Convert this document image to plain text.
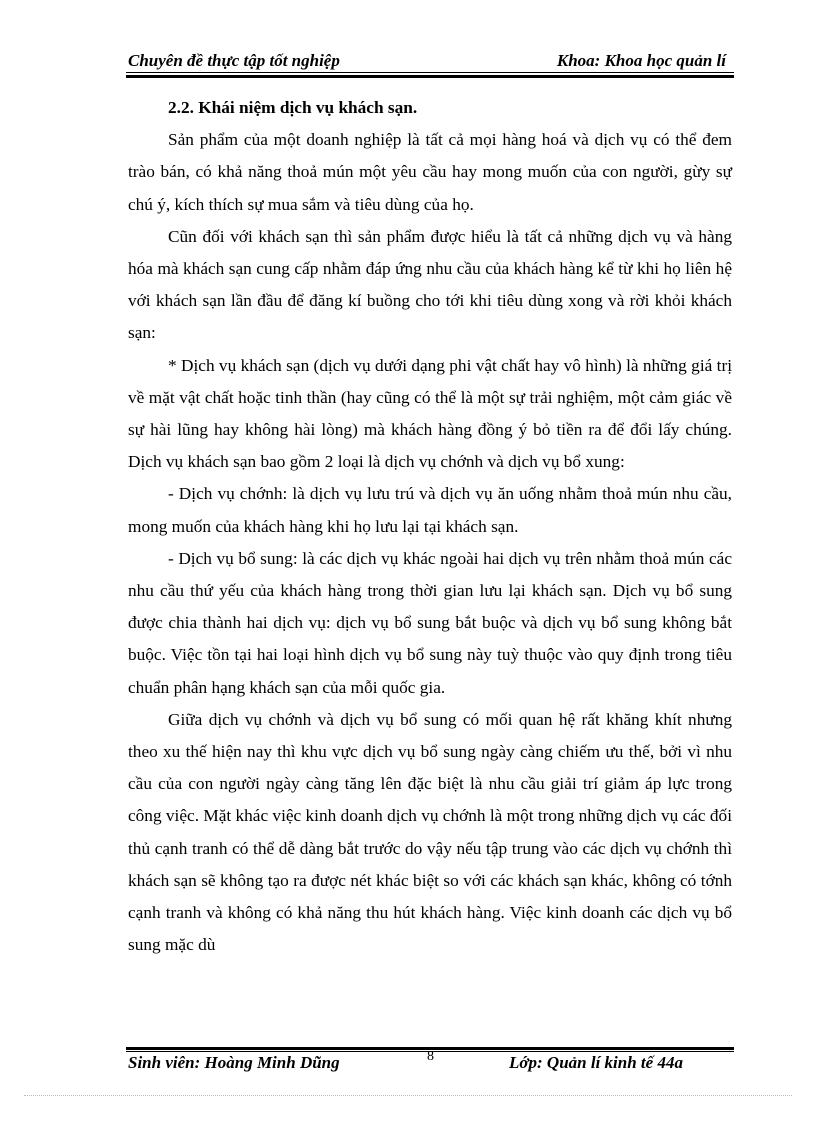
Chuyên đề thực tập tốt nghiệp	Khoa: Khoa học quản lí
2.2. Khái niệm dịch vụ khách sạn.

Sản phẩm của một doanh nghiệp là tất cả mọi hàng hoá và dịch vụ có thể đem trào bán, có khả năng thoả mún một yêu cầu hay mong muốn của con người, gừy sự chú ý, kích thích sự mua sắm và tiêu dùng của họ.

Cũn đối với khách sạn thì sản phẩm được hiểu là tất cả những dịch vụ và hàng hóa mà khách sạn cung cấp nhằm đáp ứng nhu cầu của khách hàng kể từ khi họ liên hệ với khách sạn lần đầu để đăng kí buồng cho tới khi tiêu dùng xong và rời khỏi khách sạn:

* Dịch vụ khách sạn (dịch vụ dưới dạng phi vật chất hay vô hình) là những giá trị về mặt vật chất hoặc tinh thần (hay cũng có thể là một sự trải nghiệm, một cảm giác về sự hài lũng hay không hài lòng) mà khách hàng đồng ý bỏ tiền ra để đổi lấy chúng. Dịch vụ khách sạn bao gồm 2 loại là dịch vụ chớnh và dịch vụ bổ xung:

- Dịch vụ chớnh: là dịch vụ lưu trú và dịch vụ ăn uống nhằm thoả mún nhu cầu, mong muốn của khách hàng khi họ lưu lại tại khách sạn.

- Dịch vụ bổ sung: là các dịch vụ khác ngoài hai dịch vụ trên nhằm thoả mún các nhu cầu thứ yếu của khách hàng trong thời gian lưu lại khách sạn. Dịch vụ bổ sung được chia thành hai dịch vụ: dịch vụ bổ sung bắt buộc và dịch vụ bổ sung không bắt buộc. Việc tồn tại hai loại hình dịch vụ bổ sung này tuỳ thuộc vào quy định trong tiêu chuẩn phân hạng khách sạn của mỗi quốc gia.

Giữa dịch vụ chớnh và dịch vụ bổ sung có mối quan hệ rất khăng khít nhưng theo xu thế hiện nay thì khu vực dịch vụ bổ sung ngày càng chiếm ưu thế, bởi vì nhu cầu của con người ngày càng tăng lên đặc biệt là nhu cầu giải trí giảm áp lực trong công việc. Mặt khác việc kinh doanh dịch vụ chớnh là một trong những dịch vụ các đối thủ cạnh tranh có thể dễ dàng bắt trước do vậy nếu tập trung vào các dịch vụ chớnh thì khách sạn sẽ không tạo ra được nét khác biệt so với các khách sạn khác, không có tớnh cạnh tranh và không có khả năng thu hút khách hàng. Việc kinh doanh các dịch vụ bổ sung mặc dù

Sinh viên: Hoàng Minh Dũng	8	Lớp: Quản lí kinh tế 44a
